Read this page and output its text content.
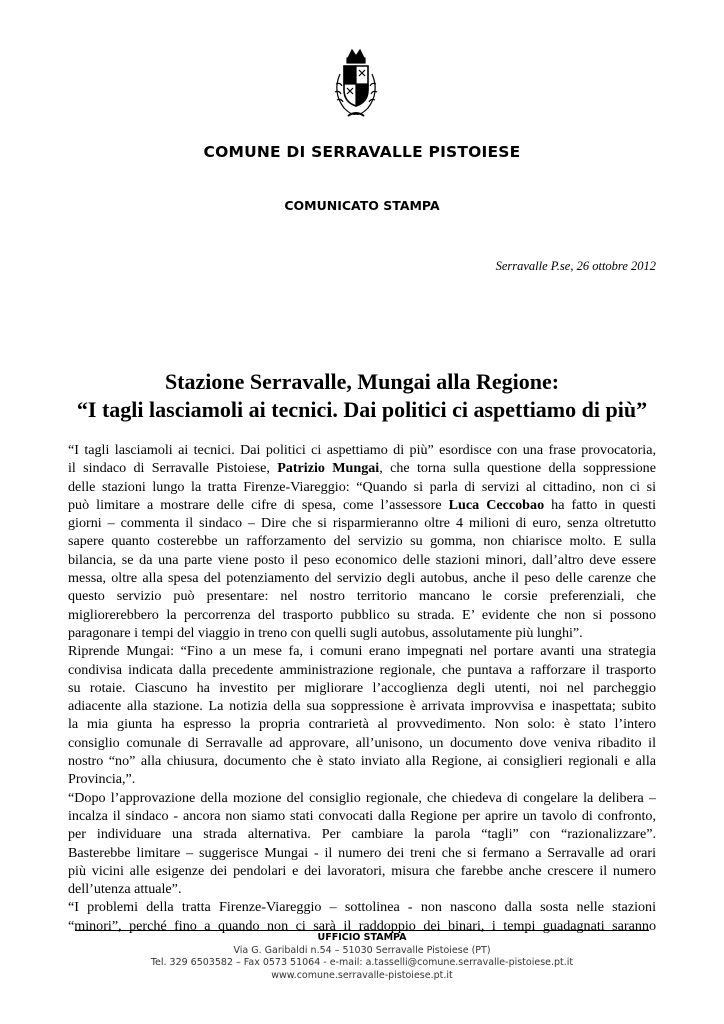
COMUNE DI SERRAVALLE PISTOIESE
COMUNICATO STAMPA
Serravalle P.se, 26 ottobre 2012
Stazione Serravalle, Mungai alla Regione:
“I tagli lasciamoli ai tecnici. Dai politici ci aspettiamo di più”
“I tagli lasciamoli ai tecnici. Dai politici ci aspettiamo di più” esordisce con una frase provocatoria,
il sindaco di Serravalle Pistoiese, Patrizio Mungai, che torna sulla questione della soppressione
delle stazioni lungo la tratta Firenze-Viareggio: “Quando si parla di servizi al cittadino, non ci si
può limitare a mostrare delle cifre di spesa, come l’assessore Luca Ceccobao ha fatto in questi
giorni – commenta il sindaco – Dire che si risparmieranno oltre 4 milioni di euro, senza oltretutto
sapere quanto costerebbe un rafforzamento del servizio su gomma, non chiarisce molto. E sulla
bilancia, se da una parte viene posto il peso economico delle stazioni minori, dall’altro deve essere
messa, oltre alla spesa del potenziamento del servizio degli autobus, anche il peso delle carenze che
questo servizio può presentare: nel nostro territorio mancano le corsie preferenziali, che
migliorerebbero la percorrenza del trasporto pubblico su strada. E’ evidente che non si possono
paragonare i tempi del viaggio in treno con quelli sugli autobus, assolutamente più lunghi”.
Riprende Mungai: “Fino a un mese fa, i comuni erano impegnati nel portare avanti una strategia
condivisa indicata dalla precedente amministrazione regionale, che puntava a rafforzare il trasporto
su rotaie. Ciascuno ha investito per migliorare l’accoglienza degli utenti, noi nel parcheggio
adiacente alla stazione. La notizia della sua soppressione è arrivata improvvisa e inaspettata; subito
la mia giunta ha espresso la propria contrarietà al provvedimento. Non solo: è stato l’intero
consiglio comunale di Serravalle ad approvare, all’unisono, un documento dove veniva ribadito il
nostro “no” alla chiusura, documento che è stato inviato alla Regione, ai consiglieri regionali e alla
Provincia,”.
“Dopo l’approvazione della mozione del consiglio regionale, che chiedeva di congelare la delibera –
incalza il sindaco - ancora non siamo stati convocati dalla Regione per aprire un tavolo di confronto,
per individuare una strada alternativa. Per cambiare la parola “tagli” con “razionalizzare”.
Basterebbe limitare – suggerisce Mungai - il numero dei treni che si fermano a Serravalle ad orari
più vicini alle esigenze dei pendolari e dei lavoratori, misura che farebbe anche crescere il numero
dell’utenza attuale”.
“I problemi della tratta Firenze-Viareggio – sottolinea - non nascono dalla sosta nelle stazioni
“minori”, perché fino a quando non ci sarà il raddoppio dei binari, i tempi guadagnati saranno
UFFICIO STAMPA
Via G. Garibaldi n.54 – 51030 Serravalle Pistoiese (PT)
Tel. 329 6503582 – Fax 0573 51064 - e-mail: a.tasselli@comune.serravalle-pistoiese.pt.it
www.comune.serravalle-pistoiese.pt.it
